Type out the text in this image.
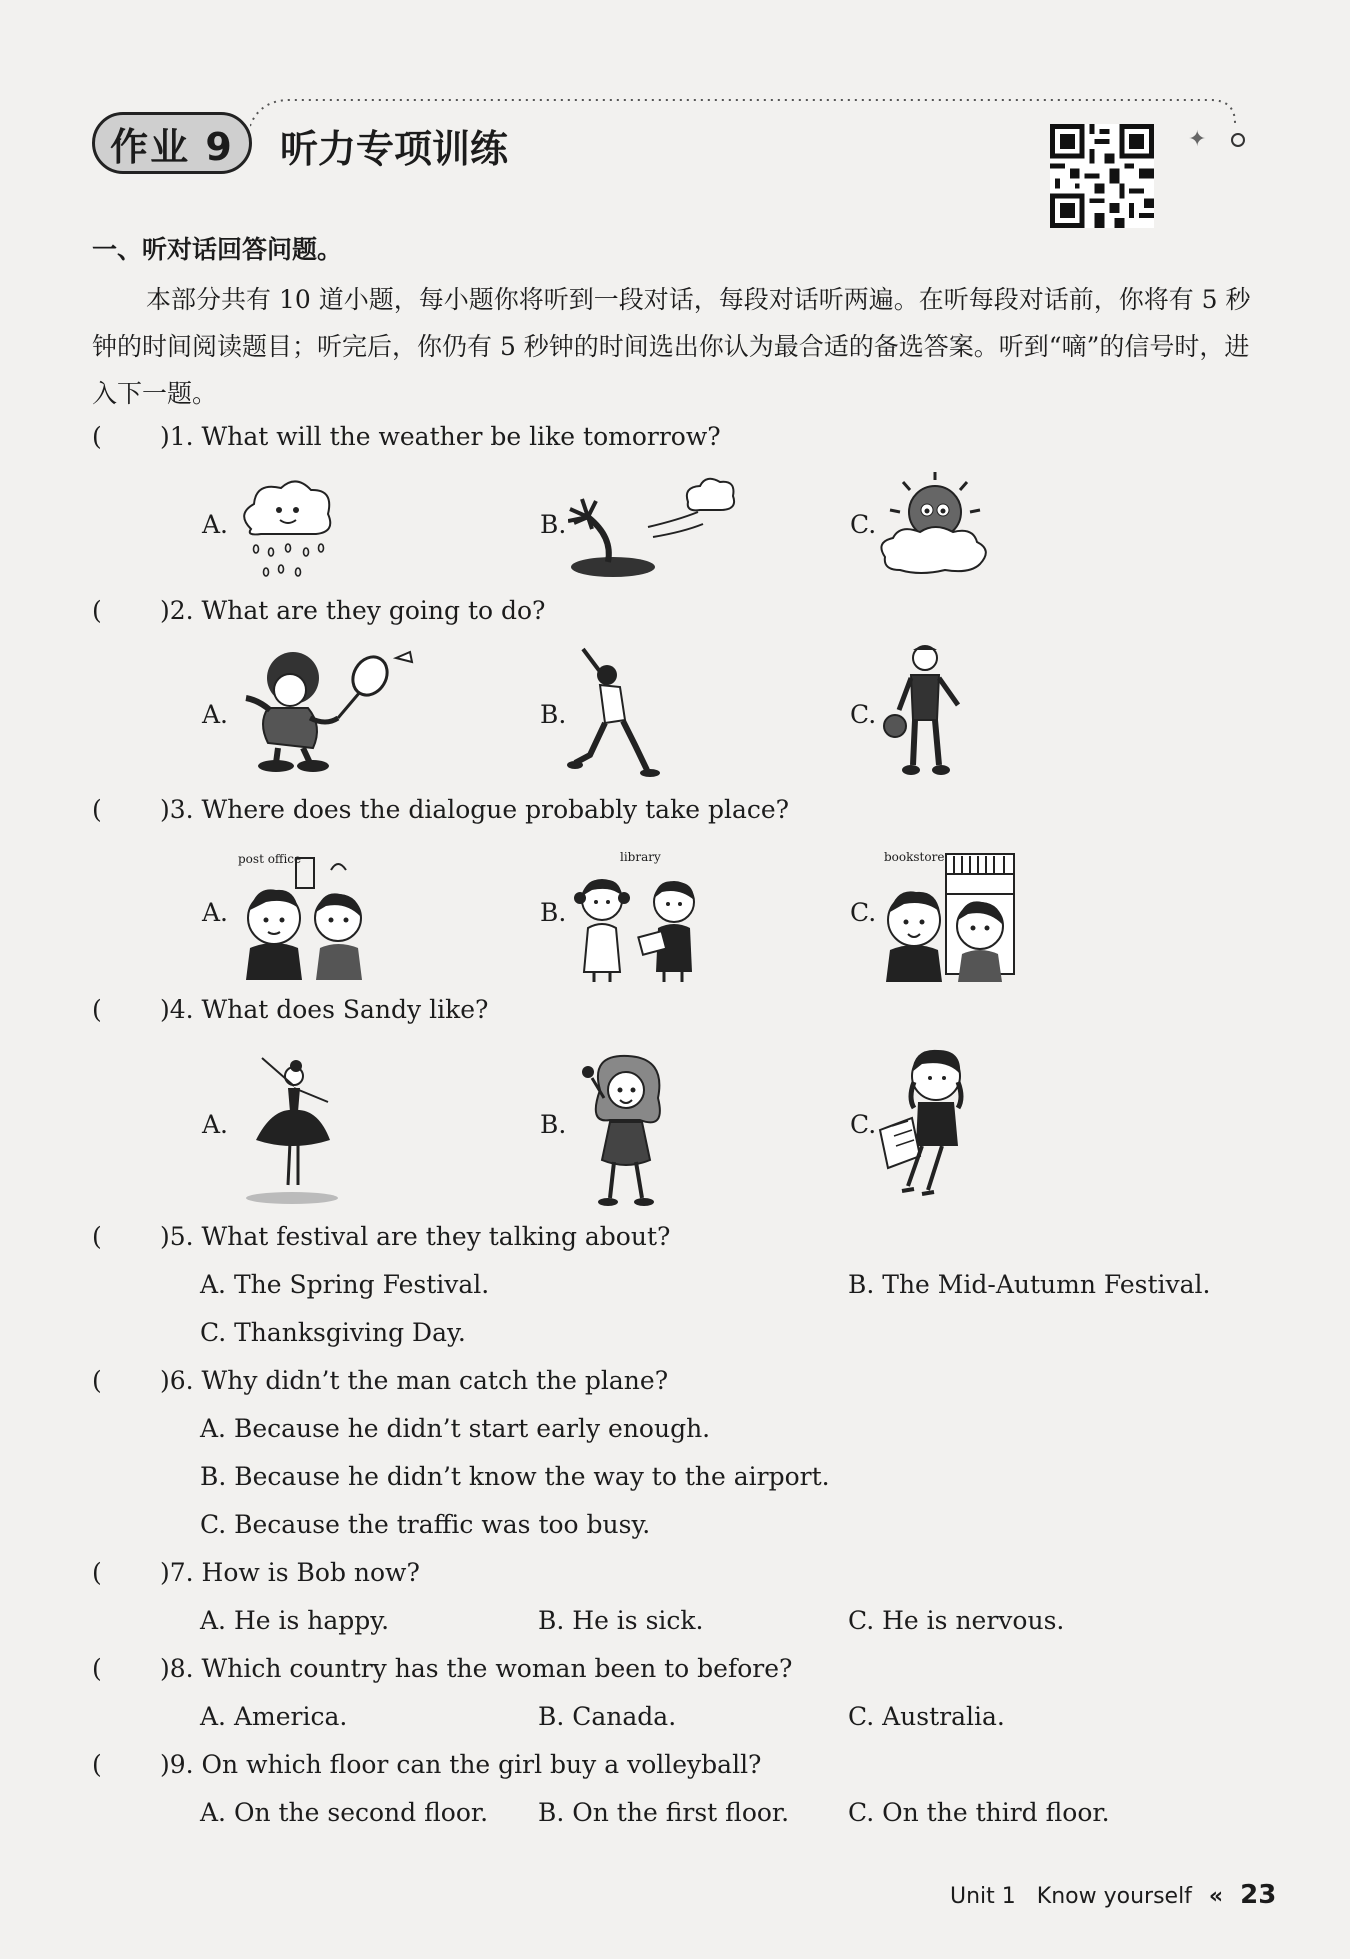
✦
作业 9	听力专项训练
一、听对话回答问题。
本部分共有 10 道小题，每小题你将听到一段对话，每段对话听两遍。在听每段对话前，你将有 5 秒钟的时间阅读题目；听完后，你仍有 5 秒钟的时间选出你认为最合适的备选答案。听到“嘀”的信号时，进入下一题。
( )1. What will the weather be like tomorrow?
A.	B.	C.
( )2. What are they going to do?
A.	B.	C.
( )3. Where does the dialogue probably take place?
A.	B.	C.
post office	library	bookstore
( )4. What does Sandy like?
A.	B.	C.
( )5. What festival are they talking about?
A. The Spring Festival.	B. The Mid-Autumn Festival.
C. Thanksgiving Day.
( )6. Why didn’t the man catch the plane?
A. Because he didn’t start early enough.
B. Because he didn’t know the way to the airport.
C. Because the traffic was too busy.
( )7. How is Bob now?
A. He is happy.	B. He is sick.	C. He is nervous.
( )8. Which country has the woman been to before?
A. America.	B. Canada.	C. Australia.
( )9. On which floor can the girl buy a volleyball?
A. On the second floor. B. On the first floor. C. On the third floor.
Unit 1 Know yourself « 23
